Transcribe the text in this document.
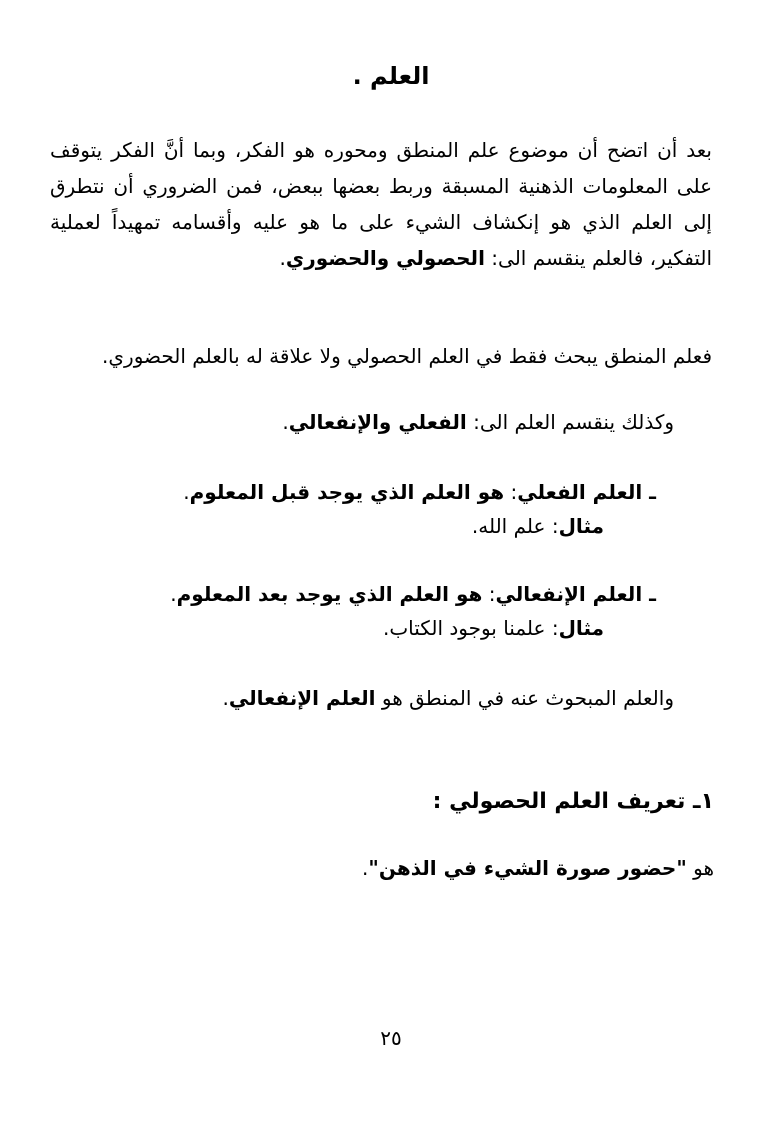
العلم .
بعد أن اتضح أن موضوع علم المنطق ومحوره هو الفكر، وبما أنَّ الفكر يتوقف على المعلومات الذهنية المسبقة وربط بعضها ببعض، فمن الضروري أن نتطرق إلى العلم الذي هو إنكشاف الشيء على ما هو عليه وأقسامه تمهيداً لعملية التفكير، فالعلم ينقسم الى: الحصولي والحضوري.
فعلم المنطق يبحث فقط في العلم الحصولي ولا علاقة له بالعلم الحضوري.
وكذلك ينقسم العلم الى: الفعلي والإنفعالي.
ـ العلم الفعلي: هو العلم الذي يوجد قبل المعلوم.
مثال: علم الله.
ـ العلم الإنفعالي: هو العلم الذي يوجد بعد المعلوم.
مثال: علمنا بوجود الكتاب.
والعلم المبحوث عنه في المنطق هو العلم الإنفعالي.
١ـ تعريف العلم الحصولي :
هو "حضور صورة الشيء في الذهن".
٢٥
